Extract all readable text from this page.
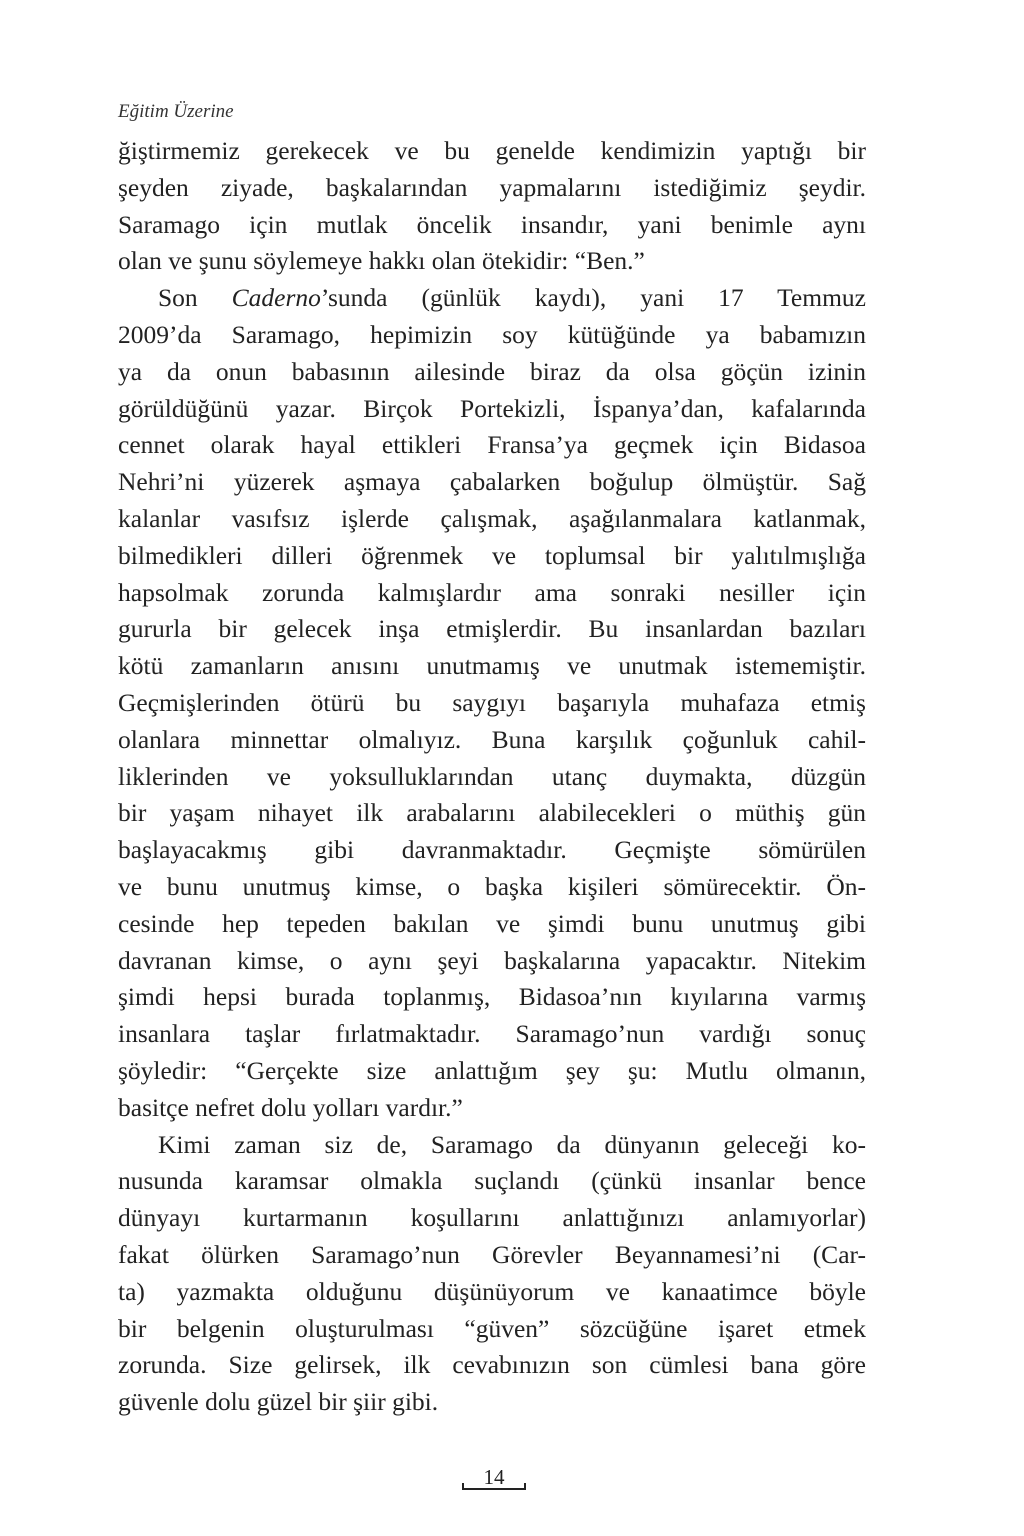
Eğitim Üzerine
ğiştirmemiz gerekecek ve bu genelde kendimizin yaptığı bir
şeyden ziyade, başkalarından yapmalarını istediğimiz şeydir.
Saramago için mutlak öncelik insandır, yani benimle aynı
olan ve şunu söylemeye hakkı olan ötekidir: “Ben.”
Son Caderno’sunda (günlük kaydı), yani 17 Temmuz
2009’da Saramago, hepimizin soy kütüğünde ya babamızın
ya da onun babasının ailesinde biraz da olsa göçün izinin
görüldüğünü yazar. Birçok Portekizli, İspanya’dan, kafalarında
cennet olarak hayal ettikleri Fransa’ya geçmek için Bidasoa
Nehri’ni yüzerek aşmaya çabalarken boğulup ölmüştür. Sağ
kalanlar vasıfsız işlerde çalışmak, aşağılanmalara katlanmak,
bilmedikleri dilleri öğrenmek ve toplumsal bir yalıtılmışlığa
hapsolmak zorunda kalmışlardır ama sonraki nesiller için
gururla bir gelecek inşa etmişlerdir. Bu insanlardan bazıları
kötü zamanların anısını unutmamış ve unutmak istememiştir.
Geçmişlerinden ötürü bu saygıyı başarıyla muhafaza etmiş
olanlara minnettar olmalıyız. Buna karşılık çoğunluk cahil-
liklerinden ve yoksulluklarından utanç duymakta, düzgün
bir yaşam nihayet ilk arabalarını alabilecekleri o müthiş gün
başlayacakmış gibi davranmaktadır. Geçmişte sömürülen
ve bunu unutmuş kimse, o başka kişileri sömürecektir. Ön-
cesinde hep tepeden bakılan ve şimdi bunu unutmuş gibi
davranan kimse, o aynı şeyi başkalarına yapacaktır. Nitekim
şimdi hepsi burada toplanmış, Bidasoa’nın kıyılarına varmış
insanlara taşlar fırlatmaktadır. Saramago’nun vardığı sonuç
şöyledir: “Gerçekte size anlattığım şey şu: Mutlu olmanın,
basitçe nefret dolu yolları vardır.”
Kimi zaman siz de, Saramago da dünyanın geleceği ko-
nusunda karamsar olmakla suçlandı (çünkü insanlar bence
dünyayı kurtarmanın koşullarını anlattığınızı anlamıyorlar)
fakat ölürken Saramago’nun Görevler Beyannamesi’ni (Car-
ta) yazmakta olduğunu düşünüyorum ve kanaatimce böyle
bir belgenin oluşturulması “güven” sözcüğüne işaret etmek
zorunda. Size gelirsek, ilk cevabınızın son cümlesi bana göre
güvenle dolu güzel bir şiir gibi.
14
